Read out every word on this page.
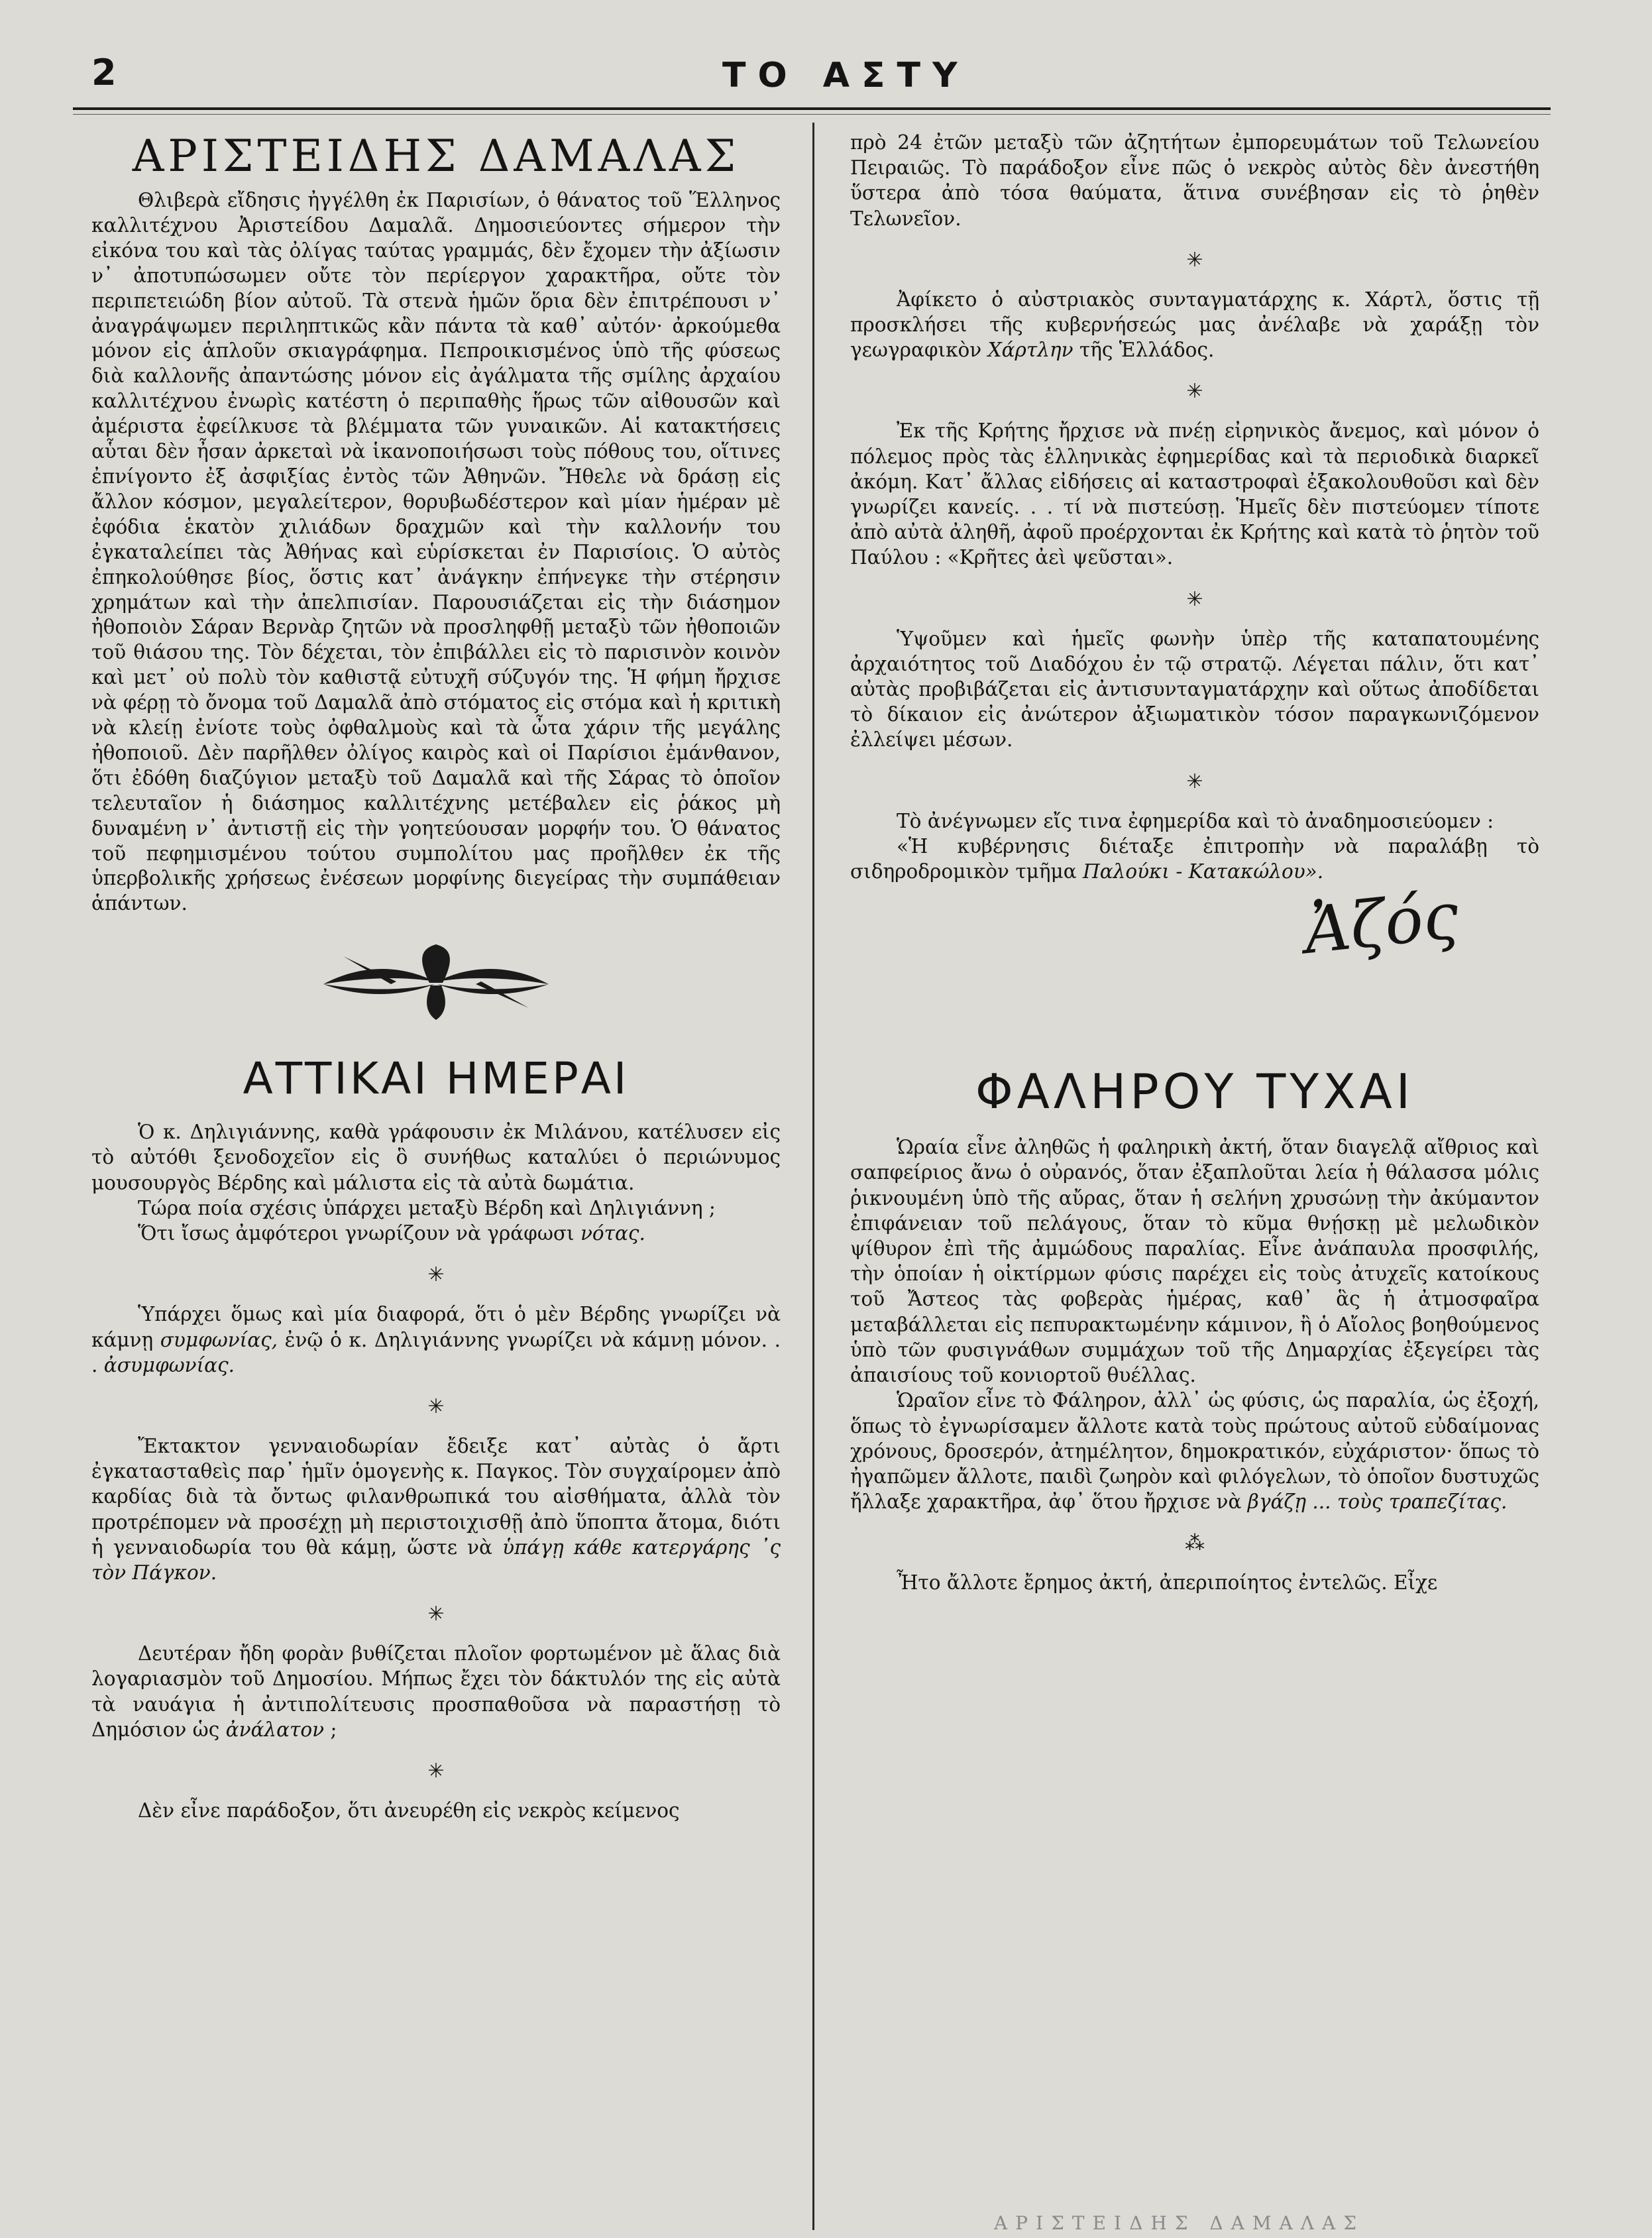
2	ΤΟ ΑΣΤΥ
ΑΡΙΣΤΕΙΔΗΣ ΔΑΜΑΛΑΣ

Θλιβερὰ εἴδησις ἠγγέλθη ἐκ Παρισίων, ὁ θάνατος τοῦ Ἕλληνος καλλιτέχνου Ἀριστείδου Δαμαλᾶ. Δημοσιεύοντες σήμερον τὴν εἰκόνα του καὶ τὰς ὀλίγας ταύτας γραμμάς, δὲν ἔχομεν τὴν ἀξίωσιν ν᾽ ἀποτυπώσωμεν οὔτε τὸν περίεργον χαρακτῆρα, οὔτε τὸν περιπετειώδη βίον αὐτοῦ. Τὰ στενὰ ἡμῶν ὅρια δὲν ἐπιτρέπουσι ν᾽ ἀναγράψωμεν περιληπτικῶς κἂν πάντα τὰ καθ᾽ αὐτόν· ἀρκούμεθα μόνον εἰς ἁπλοῦν σκιαγράφημα. Πεπροικισμένος ὑπὸ τῆς φύσεως διὰ καλλονῆς ἀπαντώσης μόνον εἰς ἀγάλματα τῆς σμίλης ἀρχαίου καλλιτέχνου ἐνωρὶς κατέστη ὁ περιπαθὴς ἥρως τῶν αἰθουσῶν καὶ ἀμέριστα ἐφείλκυσε τὰ βλέμματα τῶν γυναικῶν. Αἱ κατακτήσεις αὗται δὲν ἦσαν ἀρκεταὶ νὰ ἱκανοποιήσωσι τοὺς πόθους του, οἵτινες ἐπνίγοντο ἐξ ἀσφιξίας ἐντὸς τῶν Ἀθηνῶν. Ἤθελε νὰ δράσῃ εἰς ἄλλον κόσμον, μεγαλείτερον, θορυβωδέστερον καὶ μίαν ἡμέραν μὲ ἐφόδια ἑκατὸν χιλιάδων δραχμῶν καὶ τὴν καλλονήν του ἐγκαταλείπει τὰς Ἀθήνας καὶ εὑρίσκεται ἐν Παρισίοις. Ὁ αὐτὸς ἐπηκολούθησε βίος, ὅστις κατ᾽ ἀνάγκην ἐπήνεγκε τὴν στέρησιν χρημάτων καὶ τὴν ἀπελπισίαν. Παρουσιάζεται εἰς τὴν διάσημον ἠθοποιὸν Σάραν Βερνὰρ ζητῶν νὰ προσληφθῇ μεταξὺ τῶν ἠθοποιῶν τοῦ θιάσου της. Τὸν δέχεται, τὸν ἐπιβάλλει εἰς τὸ παρισινὸν κοινὸν καὶ μετ᾽ οὐ πολὺ τὸν καθιστᾷ εὐτυχῆ σύζυγόν της. Ἡ φήμη ἤρχισε νὰ φέρῃ τὸ ὄνομα τοῦ Δαμαλᾶ ἀπὸ στόματος εἰς στόμα καὶ ἡ κριτικὴ νὰ κλείῃ ἐνίοτε τοὺς ὀφθαλμοὺς καὶ τὰ ὦτα χάριν τῆς μεγάλης ἠθοποιοῦ. Δὲν παρῆλθεν ὀλίγος καιρὸς καὶ οἱ Παρίσιοι ἐμάνθανον, ὅτι ἐδόθη διαζύγιον μεταξὺ τοῦ Δαμαλᾶ καὶ τῆς Σάρας τὸ ὁποῖον τελευταῖον ἡ διάσημος καλλιτέχνης μετέβαλεν εἰς ῥάκος μὴ δυναμένη ν᾽ ἀντιστῇ εἰς τὴν γοητεύουσαν μορφήν του. Ὁ θάνατος τοῦ πεφημισμένου τούτου συμπολίτου μας προῆλθεν ἐκ τῆς ὑπερβολικῆς χρήσεως ἐνέσεων μορφίνης διεγείρας τὴν συμπάθειαν ἁπάντων.

ΑΤΤΙΚΑΙ ΗΜΕΡΑΙ

Ὁ κ. Δηλιγιάννης, καθὰ γράφουσιν ἐκ Μιλάνου, κατέλυσεν εἰς τὸ αὐτόθι ξενοδοχεῖον εἰς ὃ συνήθως καταλύει ὁ περιώνυμος μουσουργὸς Βέρδης καὶ μάλιστα εἰς τὰ αὐτὰ δωμάτια.

Τώρα ποία σχέσις ὑπάρχει μεταξὺ Βέρδη καὶ Δηλιγιάννη ;

Ὅτι ἴσως ἀμφότεροι γνωρίζουν νὰ γράφωσι νότας.

✳

Ὑπάρχει ὅμως καὶ μία διαφορά, ὅτι ὁ μὲν Βέρδης γνωρίζει νὰ κάμνῃ συμφωνίας, ἐνῷ ὁ κ. Δηλιγιάννης γνωρίζει νὰ κάμνῃ μόνον. . . ἀσυμφωνίας.

✳

Ἔκτακτον γενναιοδωρίαν ἔδειξε κατ᾽ αὐτὰς ὁ ἄρτι ἐγκατασταθεὶς παρ᾽ ἡμῖν ὁμογενὴς κ. Παγκος. Τὸν συγχαίρομεν ἀπὸ καρδίας διὰ τὰ ὄντως φιλανθρωπικά του αἰσθήματα, ἀλλὰ τὸν προτρέπομεν νὰ προσέχῃ μὴ περιστοιχισθῇ ἀπὸ ὕποπτα ἄτομα, διότι ἡ γενναιοδωρία του θὰ κάμῃ, ὥστε νὰ ὑπάγῃ κάθε κατεργάρης ᾽ς τὸν Πάγκον.

✳

Δευτέραν ἤδη φορὰν βυθίζεται πλοῖον φορτωμένον μὲ ἅλας διὰ λογαριασμὸν τοῦ Δημοσίου. Μήπως ἔχει τὸν δάκτυλόν της εἰς αὐτὰ τὰ ναυάγια ἡ ἀντιπολίτευσις προσπαθοῦσα νὰ παραστήσῃ τὸ Δημόσιον ὡς ἀνάλατον ;

✳

Δὲν εἶνε παράδοξον, ὅτι ἀνευρέθη εἰς νεκρὸς κείμενος

πρὸ 24 ἐτῶν μεταξὺ τῶν ἀζητήτων ἐμπορευμάτων τοῦ Τελωνείου Πειραιῶς. Τὸ παράδοξον εἶνε πῶς ὁ νεκρὸς αὐτὸς δὲν ἀνεστήθη ὕστερα ἀπὸ τόσα θαύματα, ἅτινα συνέβησαν εἰς τὸ ῥηθὲν Τελωνεῖον.

✳

Ἀφίκετο ὁ αὐστριακὸς συνταγματάρχης κ. Χάρτλ, ὅστις τῇ προσκλήσει τῆς κυβερνήσεώς μας ἀνέλαβε νὰ χαράξῃ τὸν γεωγραφικὸν Χάρτλην τῆς Ἑλλάδος.

✳

Ἐκ τῆς Κρήτης ἤρχισε νὰ πνέῃ εἰρηνικὸς ἄνεμος, καὶ μόνον ὁ πόλεμος πρὸς τὰς ἑλληνικὰς ἐφημερίδας καὶ τὰ περιοδικὰ διαρκεῖ ἀκόμη. Κατ᾽ ἄλλας εἰδήσεις αἱ καταστροφαὶ ἐξακολουθοῦσι καὶ δὲν γνωρίζει κανείς. . . τί νὰ πιστεύσῃ. Ἡμεῖς δὲν πιστεύομεν τίποτε ἀπὸ αὐτὰ ἀληθῆ, ἀφοῦ προέρχονται ἐκ Κρήτης καὶ κατὰ τὸ ῥητὸν τοῦ Παύλου : «Κρῆτες ἀεὶ ψεῦσται».

✳

Ὑψοῦμεν καὶ ἡμεῖς φωνὴν ὑπὲρ τῆς καταπατουμένης ἀρχαιότητος τοῦ Διαδόχου ἐν τῷ στρατῷ. Λέγεται πάλιν, ὅτι κατ᾽ αὐτὰς προβιβάζεται εἰς ἀντισυνταγματάρχην καὶ οὕτως ἀποδίδεται τὸ δίκαιον εἰς ἀνώτερον ἀξιωματικὸν τόσον παραγκωνιζόμενον ἐλλείψει μέσων.

✳

Τὸ ἀνέγνωμεν εἴς τινα ἐφημερίδα καὶ τὸ ἀναδημοσιεύομεν :

«Ἡ κυβέρνησις διέταξε ἐπιτροπὴν νὰ παραλάβῃ τὸ σιδηροδρομικὸν τμῆμα Παλούκι - Κατακώλου».

Ἀζός
ΦΑΛΗΡΟΥ ΤΥΧΑΙ

Ὡραία εἶνε ἀληθῶς ἡ φαληρικὴ ἀκτή, ὅταν διαγελᾷ αἴθριος καὶ σαπφείριος ἄνω ὁ οὐρανός, ὅταν ἐξαπλοῦται λεία ἡ θάλασσα μόλις ῥικνουμένη ὑπὸ τῆς αὔρας, ὅταν ἡ σελήνη χρυσώνῃ τὴν ἀκύμαντον ἐπιφάνειαν τοῦ πελάγους, ὅταν τὸ κῦμα θνῄσκῃ μὲ μελωδικὸν ψίθυρον ἐπὶ τῆς ἀμμώδους παραλίας. Εἶνε ἀνάπαυλα προσφιλής, τὴν ὁποίαν ἡ οἰκτίρμων φύσις παρέχει εἰς τοὺς ἀτυχεῖς κατοίκους τοῦ Ἄστεος τὰς φοβερὰς ἡμέρας, καθ᾽ ἃς ἡ ἀτμοσφαῖρα μεταβάλλεται εἰς πεπυρακτωμένην κάμινον, ἢ ὁ Αἴολος βοηθούμενος ὑπὸ τῶν φυσιγνάθων συμμάχων τοῦ τῆς Δημαρχίας ἐξεγείρει τὰς ἀπαισίους τοῦ κονιορτοῦ θυέλλας.

Ὡραῖον εἶνε τὸ Φάληρον, ἀλλ᾽ ὡς φύσις, ὡς παραλία, ὡς ἐξοχή, ὅπως τὸ ἐγνωρίσαμεν ἄλλοτε κατὰ τοὺς πρώτους αὐτοῦ εὐδαίμονας χρόνους, δροσερόν, ἀτημέλητον, δημοκρατικόν, εὐχάριστον· ὅπως τὸ ἠγαπῶμεν ἄλλοτε, παιδὶ ζωηρὸν καὶ φιλόγελων, τὸ ὁποῖον δυστυχῶς ἤλλαξε χαρακτῆρα, ἀφ᾽ ὅτου ἤρχισε νὰ βγάζῃ ... τοὺς τραπεζίτας.

⁂

Ἦτο ἄλλοτε ἔρημος ἀκτή, ἀπεριποίητος ἐντελῶς. Εἶχε

ΑΡΙΣΤΕΙΔΗΣ ΔΑΜΑΛΑΣ
